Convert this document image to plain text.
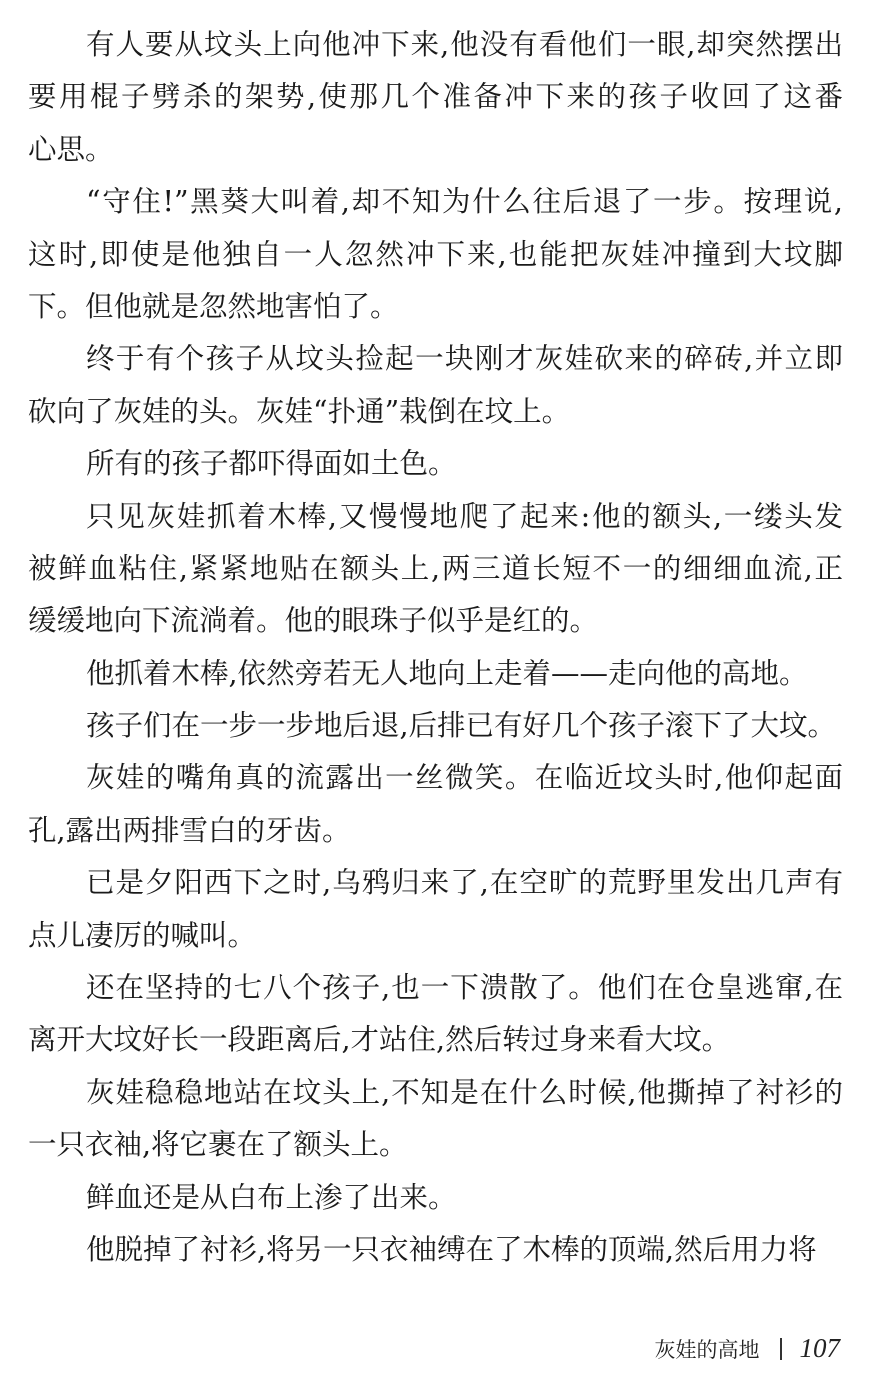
有人要从坟头上向他冲下来,他没有看他们一眼,却突然摆出
要用棍子劈杀的架势,使那几个准备冲下来的孩子收回了这番
心思。
“守住!”黑葵大叫着,却不知为什么往后退了一步。按理说,
这时,即使是他独自一人忽然冲下来,也能把灰娃冲撞到大坟脚
下。但他就是忽然地害怕了。
终于有个孩子从坟头捡起一块刚才灰娃砍来的碎砖,并立即
砍向了灰娃的头。灰娃“扑通”栽倒在坟上。
所有的孩子都吓得面如土色。
只见灰娃抓着木棒,又慢慢地爬了起来:他的额头,一缕头发
被鲜血粘住,紧紧地贴在额头上,两三道长短不一的细细血流,正
缓缓地向下流淌着。他的眼珠子似乎是红的。
他抓着木棒,依然旁若无人地向上走着——走向他的高地。
孩子们在一步一步地后退,后排已有好几个孩子滚下了大坟。
灰娃的嘴角真的流露出一丝微笑。在临近坟头时,他仰起面
孔,露出两排雪白的牙齿。
已是夕阳西下之时,乌鸦归来了,在空旷的荒野里发出几声有
点儿凄厉的喊叫。
还在坚持的七八个孩子,也一下溃散了。他们在仓皇逃窜,在
离开大坟好长一段距离后,才站住,然后转过身来看大坟。
灰娃稳稳地站在坟头上,不知是在什么时候,他撕掉了衬衫的
一只衣袖,将它裹在了额头上。
鲜血还是从白布上渗了出来。
他脱掉了衬衫,将另一只衣袖缚在了木棒的顶端,然后用力将
灰娃的高地 107
